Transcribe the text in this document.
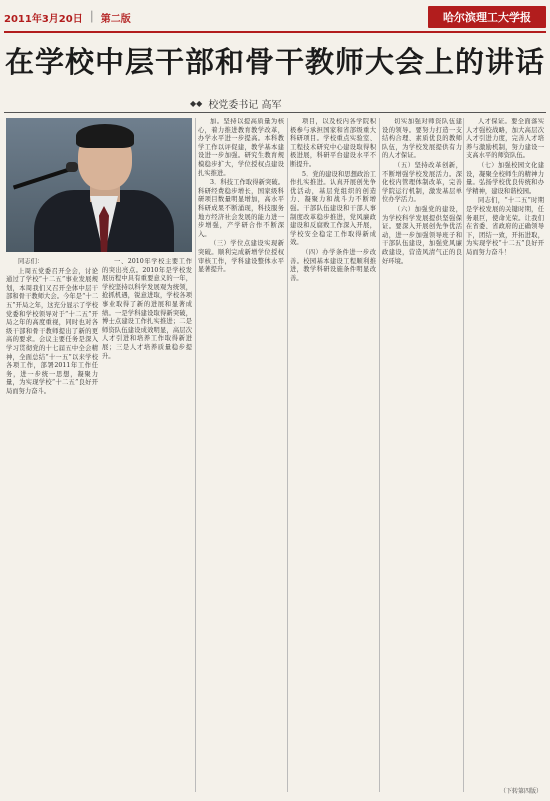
2011年3月20日 │ 第二版	哈尔滨理工大学报
在学校中层干部和骨干教师大会上的讲话
◆◆ 校党委书记 高军

同志们：

上周五党委召开全会，讨论通过了学校“十二五”事业发展规划，本周我们又召开全体中层干部和骨干教师大会。今年是“十二五”开局之年，这充分显示了学校党委和学校领导对于“十二五”开局之年的高度重视，同时也对各级干部和骨干教师提出了新的更高的要求。会议主要任务是深入学习贯彻党的十七届五中全会精神，全面总结“十一五”以来学校各项工作，部署2011年工作任务，进一步统一思想，凝聚力量，为实现学校“十二五”良好开局而努力奋斗。

一、2010年学校主要工作的突出亮点。2010年是学校发展历程中具有重要意义的一年，学校坚持以科学发展观为统领，抢抓机遇，锐意进取，学校各项事业取得了新的进展和显著成绩。一是学科建设取得新突破，博士点建设工作扎实推进；二是师资队伍建设成效明显，高层次人才引进和培养工作取得新进展；三是人才培养质量稳步提升。

加。坚持以提高质量为核心，着力推进教育教学改革，办学水平进一步提高。本科教学工作以评促建，教学基本建设进一步加强。研究生教育规模稳步扩大，学位授权点建设扎实推进。

3．科技工作取得新突破。科研经费稳步增长，国家级科研项目数量明显增加，高水平科研成果不断涌现，科技服务地方经济社会发展的能力进一步增强，产学研合作不断深入。

（三）学位点建设实现新突破。顺利完成新增学位授权审核工作，学科建设整体水平显著提升。

项目，以及校内各学院积极参与承担国家和省部级重大科研项目。学校重点实验室、工程技术研究中心建设取得积极进展，科研平台建设水平不断提升。

5．党的建设和思想政治工作扎实推进。认真开展创先争优活动，基层党组织的创造力、凝聚力和战斗力不断增强。干部队伍建设和干部人事制度改革稳步推进，党风廉政建设和反腐败工作深入开展，学校安全稳定工作取得新成效。

（四）办学条件进一步改善。校园基本建设工程顺利推进，教学科研设施条件明显改善。

切实加强对师资队伍建设的领导。要努力打造一支结构合理、素质优良的教师队伍，为学校发展提供有力的人才保证。

（五）坚持改革创新，不断增强学校发展活力。深化校内管理体制改革，完善学院运行机制，激发基层单位办学活力。

（六）加强党的建设，为学校科学发展提供坚强保证。要深入开展创先争优活动，进一步加强领导班子和干部队伍建设，加强党风廉政建设，营造风清气正的良好环境。

人才保证。要全面落实人才强校战略，加大高层次人才引进力度，完善人才培养与激励机制，努力建设一支高水平的师资队伍。

（七）加强校园文化建设，凝聚全校师生的精神力量。弘扬学校优良传统和办学精神，建设和谐校园。

同志们，“十二五”时期是学校发展的关键时期，任务艰巨，使命光荣。让我们在省委、省政府的正确领导下，团结一致，开拓进取，为实现学校“十二五”良好开局而努力奋斗！

（下转第四版）
